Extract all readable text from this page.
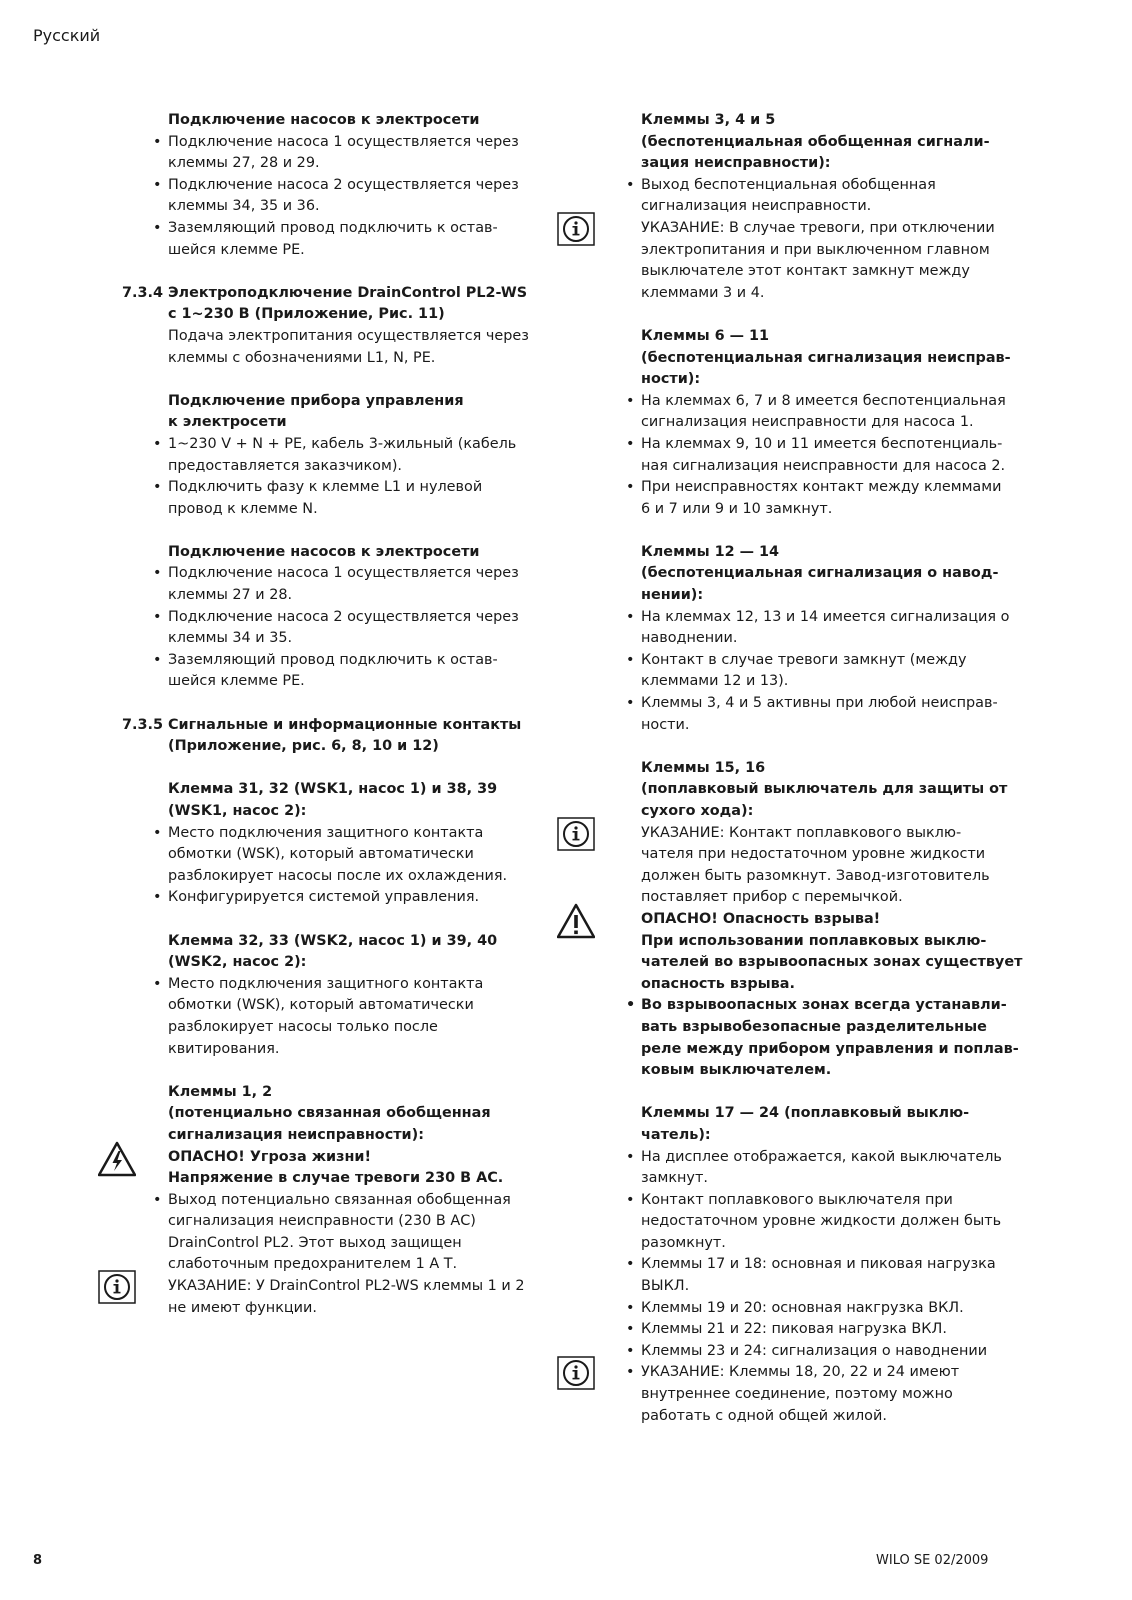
Русский
Подключение насосов к электросети
• Подключение насоса 1 осуществляется через
клеммы 27, 28 и 29.
• Подключение насоса 2 осуществляется через
клеммы 34, 35 и 36.
• Заземляющий провод подключить к остав-
шейся клемме PE.
7.3.4 Электроподключение DrainControl PL2-WS
с 1~230 В (Приложение, Рис. 11)
Подача электропитания осуществляется через
клеммы с обозначениями L1, N, PE.
Подключение прибора управления
к электросети
• 1~230 V + N + PE, кабель 3-жильный (кабель
предоставляется заказчиком).
• Подключить фазу к клемме L1 и нулевой
провод к клемме N.
Подключение насосов к электросети
• Подключение насоса 1 осуществляется через
клеммы 27 и 28.
• Подключение насоса 2 осуществляется через
клеммы 34 и 35.
• Заземляющий провод подключить к остав-
шейся клемме PE.
7.3.5 Сигнальные и информационные контакты
(Приложение, рис. 6, 8, 10 и 12)
Клемма 31, 32 (WSK1, насос 1) и 38, 39
(WSK1, насос 2):
• Место подключения защитного контакта
обмотки (WSK), который автоматически
разблокирует насосы после их охлаждения.
• Конфигурируется системой управления.
Клемма 32, 33 (WSK2, насос 1) и 39, 40
(WSK2, насос 2):
• Место подключения защитного контакта
обмотки (WSK), который автоматически
разблокирует насосы только после
квитирования.
Клеммы 1, 2
(потенциально связанная обобщенная
сигнализация неисправности):
ОПАСНО! Угроза жизни!
Напряжение в случае тревоги 230 В АС.
• Выход потенциально связанная обобщенная
сигнализация неисправности (230 В АС)
DrainControl PL2. Этот выход защищен
слаботочным предохранителем 1 А Т.
УКАЗАНИЕ: У DrainControl PL2-WS клеммы 1 и 2
не имеют функции.
Клеммы 3, 4 и 5
(беспотенциальная обобщенная сигнали-
зация неисправности):
• Выход беспотенциальная обобщенная
сигнализация неисправности.
УКАЗАНИЕ: В случае тревоги, при отключении
электропитания и при выключенном главном
выключателе этот контакт замкнут между
клеммами 3 и 4.
Клеммы 6 — 11
(беспотенциальная сигнализация неисправ-
ности):
• На клеммах 6, 7 и 8 имеется беспотенциальная
сигнализация неисправности для насоса 1.
• На клеммах 9, 10 и 11 имеется беспотенциаль-
ная сигнализация неисправности для насоса 2.
• При неисправностях контакт между клеммами
6 и 7 или 9 и 10 замкнут.
Клеммы 12 — 14
(беспотенциальная сигнализация о навод-
нении):
• На клеммах 12, 13 и 14 имеется сигнализация о
наводнении.
• Контакт в случае тревоги замкнут (между
клеммами 12 и 13).
• Клеммы 3, 4 и 5 активны при любой неисправ-
ности.
Клеммы 15, 16
(поплавковый выключатель для защиты от
сухого хода):
УКАЗАНИЕ: Контакт поплавкового выклю-
чателя при недостаточном уровне жидкости
должен быть разомкнут. Завод-изготовитель
поставляет прибор с перемычкой.
ОПАСНО! Опасность взрыва!
При использовании поплавковых выклю-
чателей во взрывоопасных зонах существует
опасность взрыва.
• Во взрывоопасных зонах всегда устанавли-
вать взрывобезопасные разделительные
реле между прибором управления и поплав-
ковым выключателем.
Клеммы 17 — 24 (поплавковый выклю-
чатель):
• На дисплее отображается, какой выключатель
замкнут.
• Контакт поплавкового выключателя при
недостаточном уровне жидкости должен быть
разомкнут.
• Клеммы 17 и 18: основная и пиковая нагрузка
ВЫКЛ.
• Клеммы 19 и 20: основная накгрузка ВКЛ.
• Клеммы 21 и 22: пиковая нагрузка ВКЛ.
• Клеммы 23 и 24: сигнализация о наводнении
• УКАЗАНИЕ: Клеммы 18, 20, 22 и 24 имеют
внутреннее соединение, поэтому можно
работать с одной общей жилой.
8	WILO SE 02/2009
